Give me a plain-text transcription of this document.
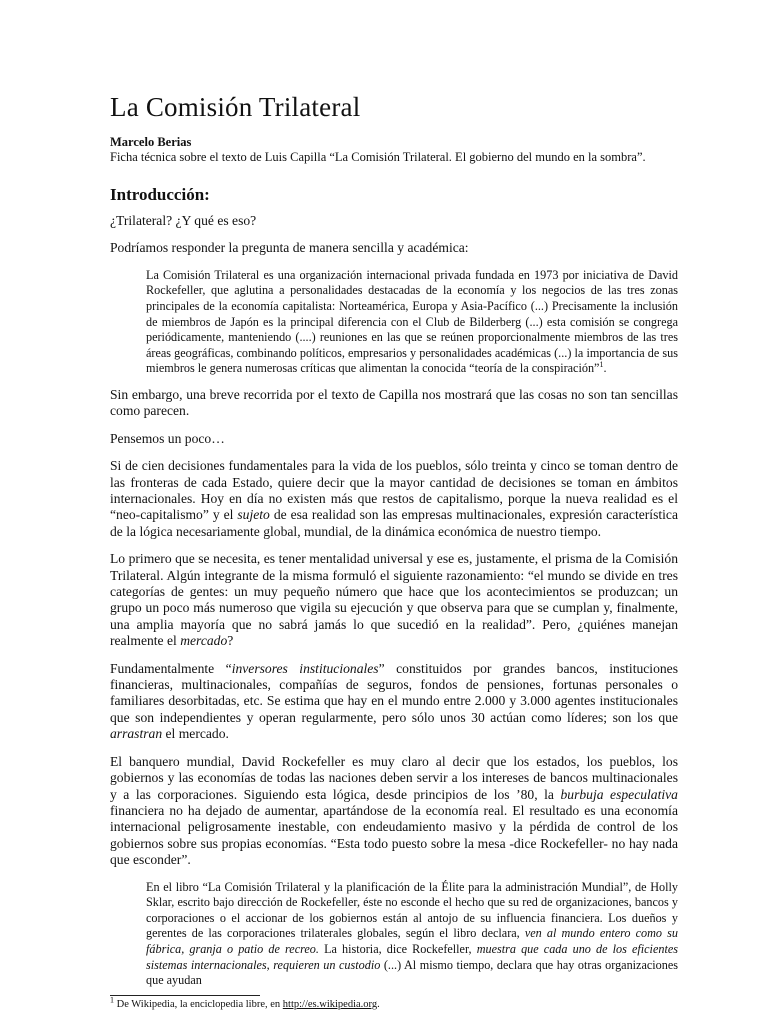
La Comisión Trilateral
Marcelo Berias
Ficha técnica sobre el texto de Luis Capilla “La Comisión Trilateral. El gobierno del mundo en la sombra”.
Introducción:

¿Trilateral? ¿Y qué es eso?

Podríamos responder la pregunta de manera sencilla y académica:

La Comisión Trilateral es una organización internacional privada fundada en 1973 por iniciativa de David Rockefeller, que aglutina a personalidades destacadas de la economía y los negocios de las tres zonas principales de la economía capitalista: Norteamérica, Europa y Asia-Pacífico (...) Precisamente la inclusión de miembros de Japón es la principal diferencia con el Club de Bilderberg (...) esta comisión se congrega periódicamente, manteniendo (....) reuniones en las que se reúnen proporcionalmente miembros de las tres áreas geográficas, combinando políticos, empresarios y personalidades académicas (...) la importancia de sus miembros le genera numerosas críticas que alimentan la conocida “teoría de la conspiración”$^1$.

Sin embargo, una breve recorrida por el texto de Capilla nos mostrará que las cosas no son tan sencillas como parecen.

Pensemos un poco…

Si de cien decisiones fundamentales para la vida de los pueblos, sólo treinta y cinco se toman dentro de las fronteras de cada Estado, quiere decir que la mayor cantidad de decisiones se toman en ámbitos internacionales. Hoy en día no existen más que restos de capitalismo, porque la nueva realidad es el “neo-capitalismo” y el sujeto de esa realidad son las empresas multinacionales, expresión característica de la lógica necesariamente global, mundial, de la dinámica económica de nuestro tiempo.

Lo primero que se necesita, es tener mentalidad universal y ese es, justamente, el prisma de la Comisión Trilateral. Algún integrante de la misma formuló el siguiente razonamiento: “el mundo se divide en tres categorías de gentes: un muy pequeño número que hace que los acontecimientos se produzcan; un grupo un poco más numeroso que vigila su ejecución y que observa para que se cumplan y, finalmente, una amplia mayoría que no sabrá jamás lo que sucedió en la realidad”. Pero, ¿quiénes manejan realmente el mercado?

Fundamentalmente “inversores institucionales” constituidos por grandes bancos, instituciones financieras, multinacionales, compañías de seguros, fondos de pensiones, fortunas personales o familiares desorbitadas, etc. Se estima que hay en el mundo entre 2.000 y 3.000 agentes institucionales que son independientes y operan regularmente, pero sólo unos 30 actúan como líderes; son los que arrastran el mercado.

El banquero mundial, David Rockefeller es muy claro al decir que los estados, los pueblos, los gobiernos y las economías de todas las naciones deben servir a los intereses de bancos multinacionales y a las corporaciones. Siguiendo esta lógica, desde principios de los ’80, la burbuja especulativa financiera no ha dejado de aumentar, apartándose de la economía real. El resultado es una economía internacional peligrosamente inestable, con endeudamiento masivo y la pérdida de control de los gobiernos sobre sus propias economías. “Esta todo puesto sobre la mesa -dice Rockefeller- no hay nada que esconder”.

En el libro “La Comisión Trilateral y la planificación de la Élite para la administración Mundial”, de Holly Sklar, escrito bajo dirección de Rockefeller, éste no esconde el hecho que su red de organizaciones, bancos y corporaciones o el accionar de los gobiernos están al antojo de su influencia financiera. Los dueños y gerentes de las corporaciones trilaterales globales, según el libro declara, ven al mundo entero como su fábrica, granja o patio de recreo. La historia, dice Rockefeller, muestra que cada uno de los eficientes sistemas internacionales, requieren un custodio (...) Al mismo tiempo, declara que hay otras organizaciones que ayudan
$^1$ De Wikipedia, la enciclopedia libre, en http://es.wikipedia.org.
